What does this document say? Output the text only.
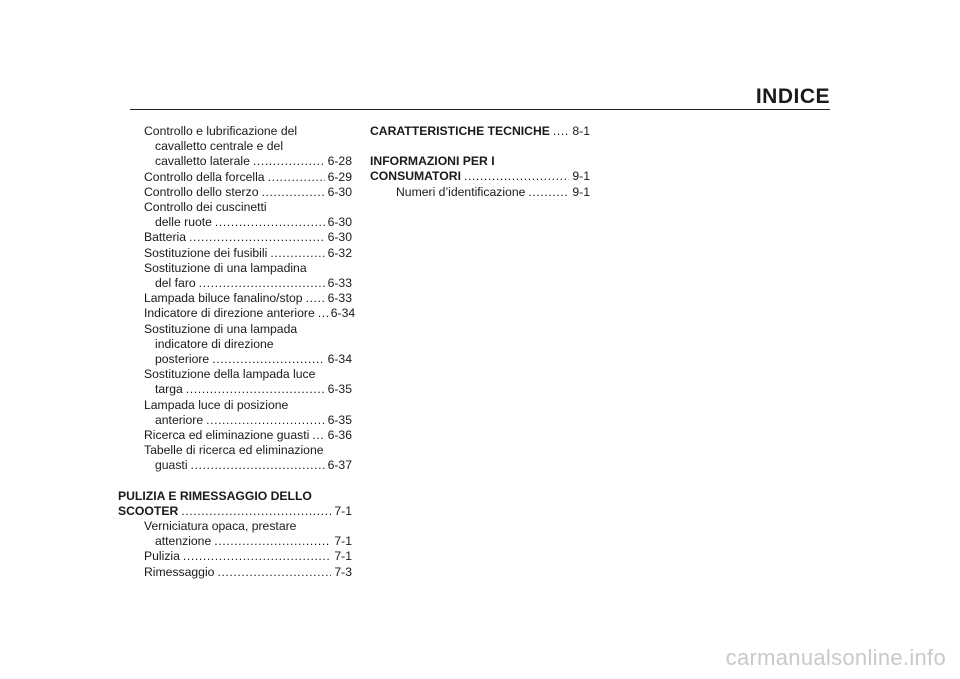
INDICE
Controllo e lubrificazione del
cavalletto centrale e del
cavalletto laterale .....	6-28
Controllo della forcella .....	6-29
Controllo dello sterzo .....	6-30
Controllo dei cuscinetti
delle ruote .....	6-30
Batteria .....	6-30
Sostituzione dei fusibili .....	6-32
Sostituzione di una lampadina
del faro .....	6-33
Lampada biluce fanalino/stop ..... 6-33
Indicatore di direzione anteriore ..... 6-34
Sostituzione di una lampada
indicatore di direzione
posteriore .....	6-34
Sostituzione della lampada luce
targa .....	6-35
Lampada luce di posizione
anteriore .....	6-35
Ricerca ed eliminazione guasti ..... 6-36
Tabelle di ricerca ed eliminazione
guasti .....	6-37
PULIZIA E RIMESSAGGIO DELLO
SCOOTER .....	7-1
Verniciatura opaca, prestare
attenzione .....	7-1
Pulizia .....	7-1
Rimessaggio .....	7-3
CARATTERISTICHE TECNICHE ..... 8-1
INFORMAZIONI PER I
CONSUMATORI .....	9-1
Numeri d’identificazione .....	9-1
carmanualsonline.info
